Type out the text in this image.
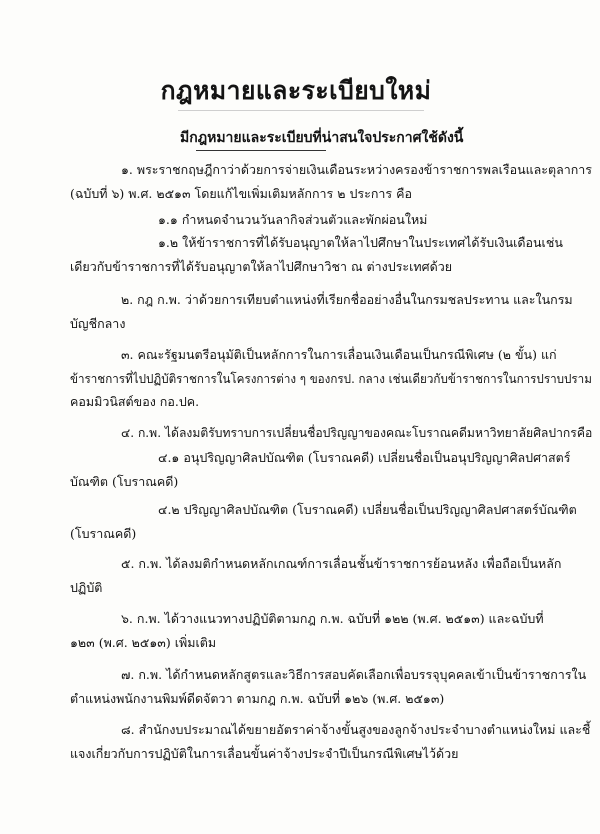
กฎหมายและระเบียบใหม่
มีกฎหมายและระเบียบที่น่าสนใจประกาศใช้ดังนี้
๑. พระราชกฤษฎีกาว่าด้วยการจ่ายเงินเดือนระหว่างครองข้าราชการพลเรือนและตุลาการ
(ฉบับที่ ๖) พ.ศ. ๒๕๑๓ โดยแก้ไขเพิ่มเติมหลักการ ๒ ประการ คือ
๑.๑ กำหนดจำนวนวันลากิจส่วนตัวและพักผ่อนใหม่
๑.๒ ให้ข้าราชการที่ได้รับอนุญาตให้ลาไปศึกษาในประเทศได้รับเงินเดือนเช่น
เดียวกับข้าราชการที่ได้รับอนุญาตให้ลาไปศึกษาวิชา ณ ต่างประเทศด้วย
๒. กฎ ก.พ. ว่าด้วยการเทียบตำแหน่งที่เรียกชื่ออย่างอื่นในกรมชลประทาน และในกรม
บัญชีกลาง
๓. คณะรัฐมนตรีอนุมัติเป็นหลักการในการเลื่อนเงินเดือนเป็นกรณีพิเศษ (๒ ขั้น) แก่
ข้าราชการที่ไปปฏิบัติราชการในโครงการต่าง ๆ ของกรป. กลาง เช่นเดียวกับข้าราชการในการปราบปราม
คอมมิวนิสต์ของ กอ.ปค.
๔. ก.พ. ได้ลงมติรับทราบการเปลี่ยนชื่อปริญญาของคณะโบราณคดีมหาวิทยาลัยศิลปากรคือ
๔.๑ อนุปริญญาศิลปบัณฑิต (โบราณคดี) เปลี่ยนชื่อเป็นอนุปริญญาศิลปศาสตร์
บัณฑิต (โบราณคดี)
๔.๒ ปริญญาศิลปบัณฑิต (โบราณคดี) เปลี่ยนชื่อเป็นปริญญาศิลปศาสตร์บัณฑิต
(โบราณคดี)
๕. ก.พ. ได้ลงมติกำหนดหลักเกณฑ์การเลื่อนชั้นข้าราชการย้อนหลัง เพื่อถือเป็นหลัก
ปฏิบัติ
๖. ก.พ. ได้วางแนวทางปฏิบัติตามกฎ ก.พ. ฉบับที่ ๑๒๒ (พ.ศ. ๒๕๑๓) และฉบับที่
๑๒๓ (พ.ศ. ๒๕๑๓) เพิ่มเติม
๗. ก.พ. ได้กำหนดหลักสูตรและวิธีการสอบคัดเลือกเพื่อบรรจุบุคคลเข้าเป็นข้าราชการใน
ตำแหน่งพนักงานพิมพ์ดีดจัตวา ตามกฎ ก.พ. ฉบับที่ ๑๒๖ (พ.ศ. ๒๕๑๓)
๘. สำนักงบประมาณได้ขยายอัตราค่าจ้างขั้นสูงของลูกจ้างประจำบางตำแหน่งใหม่ และชี้
แจงเกี่ยวกับการปฏิบัติในการเลื่อนขั้นค่าจ้างประจำปีเป็นกรณีพิเศษไว้ด้วย
